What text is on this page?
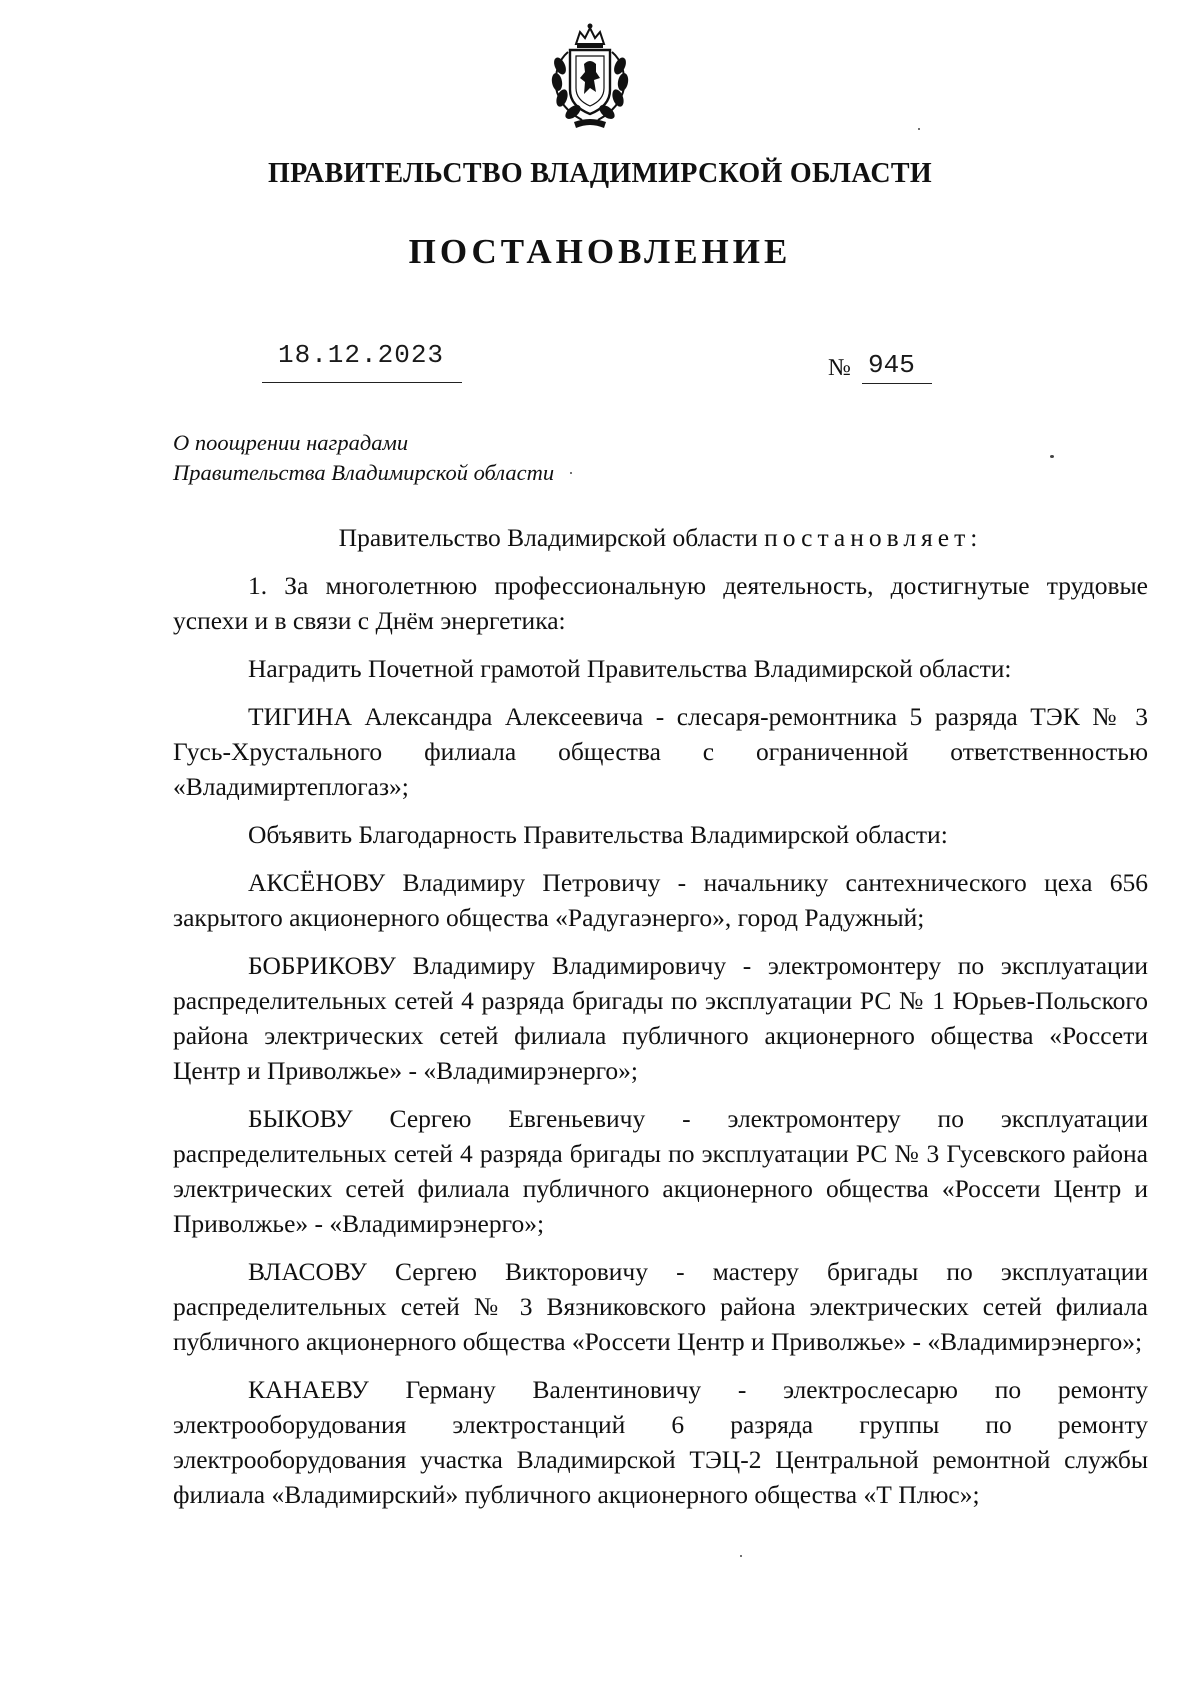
ПРАВИТЕЛЬСТВО ВЛАДИМИРСКОЙ ОБЛАСТИ
ПОСТАНОВЛЕНИЕ
18.12.2023	№ 945
О поощрении наградами
Правительства Владимирской области

Правительство Владимирской области постановляет:

1. За многолетнюю профессиональную деятельность, достигнутые трудовые успехи и в связи с Днём энергетика:

Наградить Почетной грамотой Правительства Владимирской области:

ТИГИНА Александра Алексеевича - слесаря-ремонтника 5 разряда ТЭК № 3 Гусь-Хрустального филиала общества с ограниченной ответственностью «Владимиртеплогаз»;

Объявить Благодарность Правительства Владимирской области:

АКСЁНОВУ Владимиру Петровичу - начальнику сантехнического цеха 656 закрытого акционерного общества «Радугаэнерго», город Радужный;

БОБРИКОВУ Владимиру Владимировичу - электромонтеру по эксплуатации распределительных сетей 4 разряда бригады по эксплуатации РС № 1 Юрьев-Польского района электрических сетей филиала публичного акционерного общества «Россети Центр и Приволжье» - «Владимирэнерго»;

БЫКОВУ Сергею Евгеньевичу - электромонтеру по эксплуатации распределительных сетей 4 разряда бригады по эксплуатации РС № 3 Гусевского района электрических сетей филиала публичного акционерного общества «Россети Центр и Приволжье» - «Владимирэнерго»;

ВЛАСОВУ Сергею Викторовичу - мастеру бригады по эксплуатации распределительных сетей № 3 Вязниковского района электрических сетей филиала публичного акционерного общества «Россети Центр и Приволжье» - «Владимирэнерго»;

КАНАЕВУ Герману Валентиновичу - электрослесарю по ремонту электрооборудования электростанций 6 разряда группы по ремонту электрооборудования участка Владимирской ТЭЦ-2 Центральной ремонтной службы филиала «Владимирский» публичного акционерного общества «Т Плюс»;
